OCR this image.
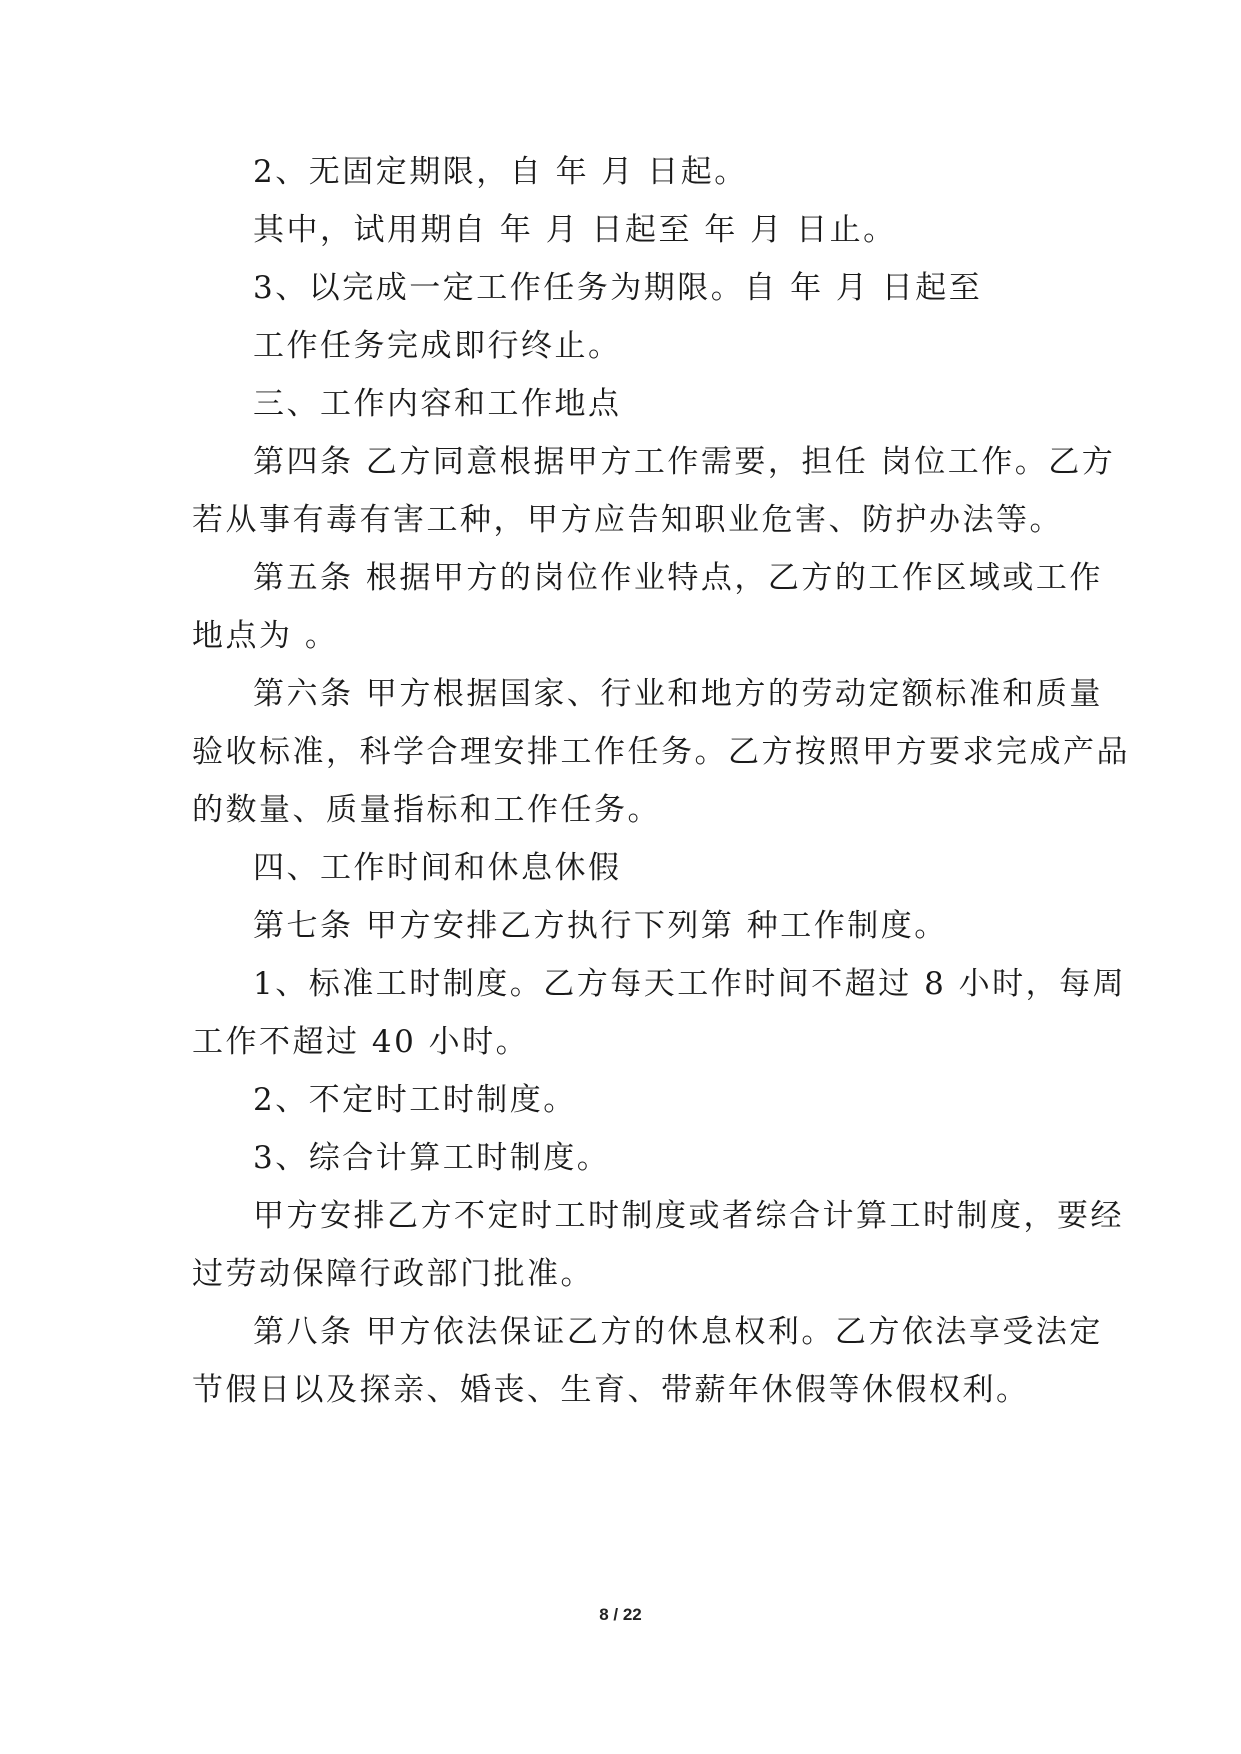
2、无固定期限，自 年 月 日起。
其中，试用期自 年 月 日起至 年 月 日止。
3、以完成一定工作任务为期限。自 年 月 日起至
工作任务完成即行终止。
三、工作内容和工作地点
第四条 乙方同意根据甲方工作需要，担任 岗位工作。乙方
若从事有毒有害工种，甲方应告知职业危害、防护办法等。
第五条 根据甲方的岗位作业特点，乙方的工作区域或工作
地点为 。
第六条 甲方根据国家、行业和地方的劳动定额标准和质量
验收标准，科学合理安排工作任务。乙方按照甲方要求完成产品
的数量、质量指标和工作任务。
四、工作时间和休息休假
第七条 甲方安排乙方执行下列第 种工作制度。
1、标准工时制度。乙方每天工作时间不超过 8 小时，每周
工作不超过 40 小时。
2、不定时工时制度。
3、综合计算工时制度。
甲方安排乙方不定时工时制度或者综合计算工时制度，要经
过劳动保障行政部门批准。
第八条 甲方依法保证乙方的休息权利。乙方依法享受法定
节假日以及探亲、婚丧、生育、带薪年休假等休假权利。
8 / 22
